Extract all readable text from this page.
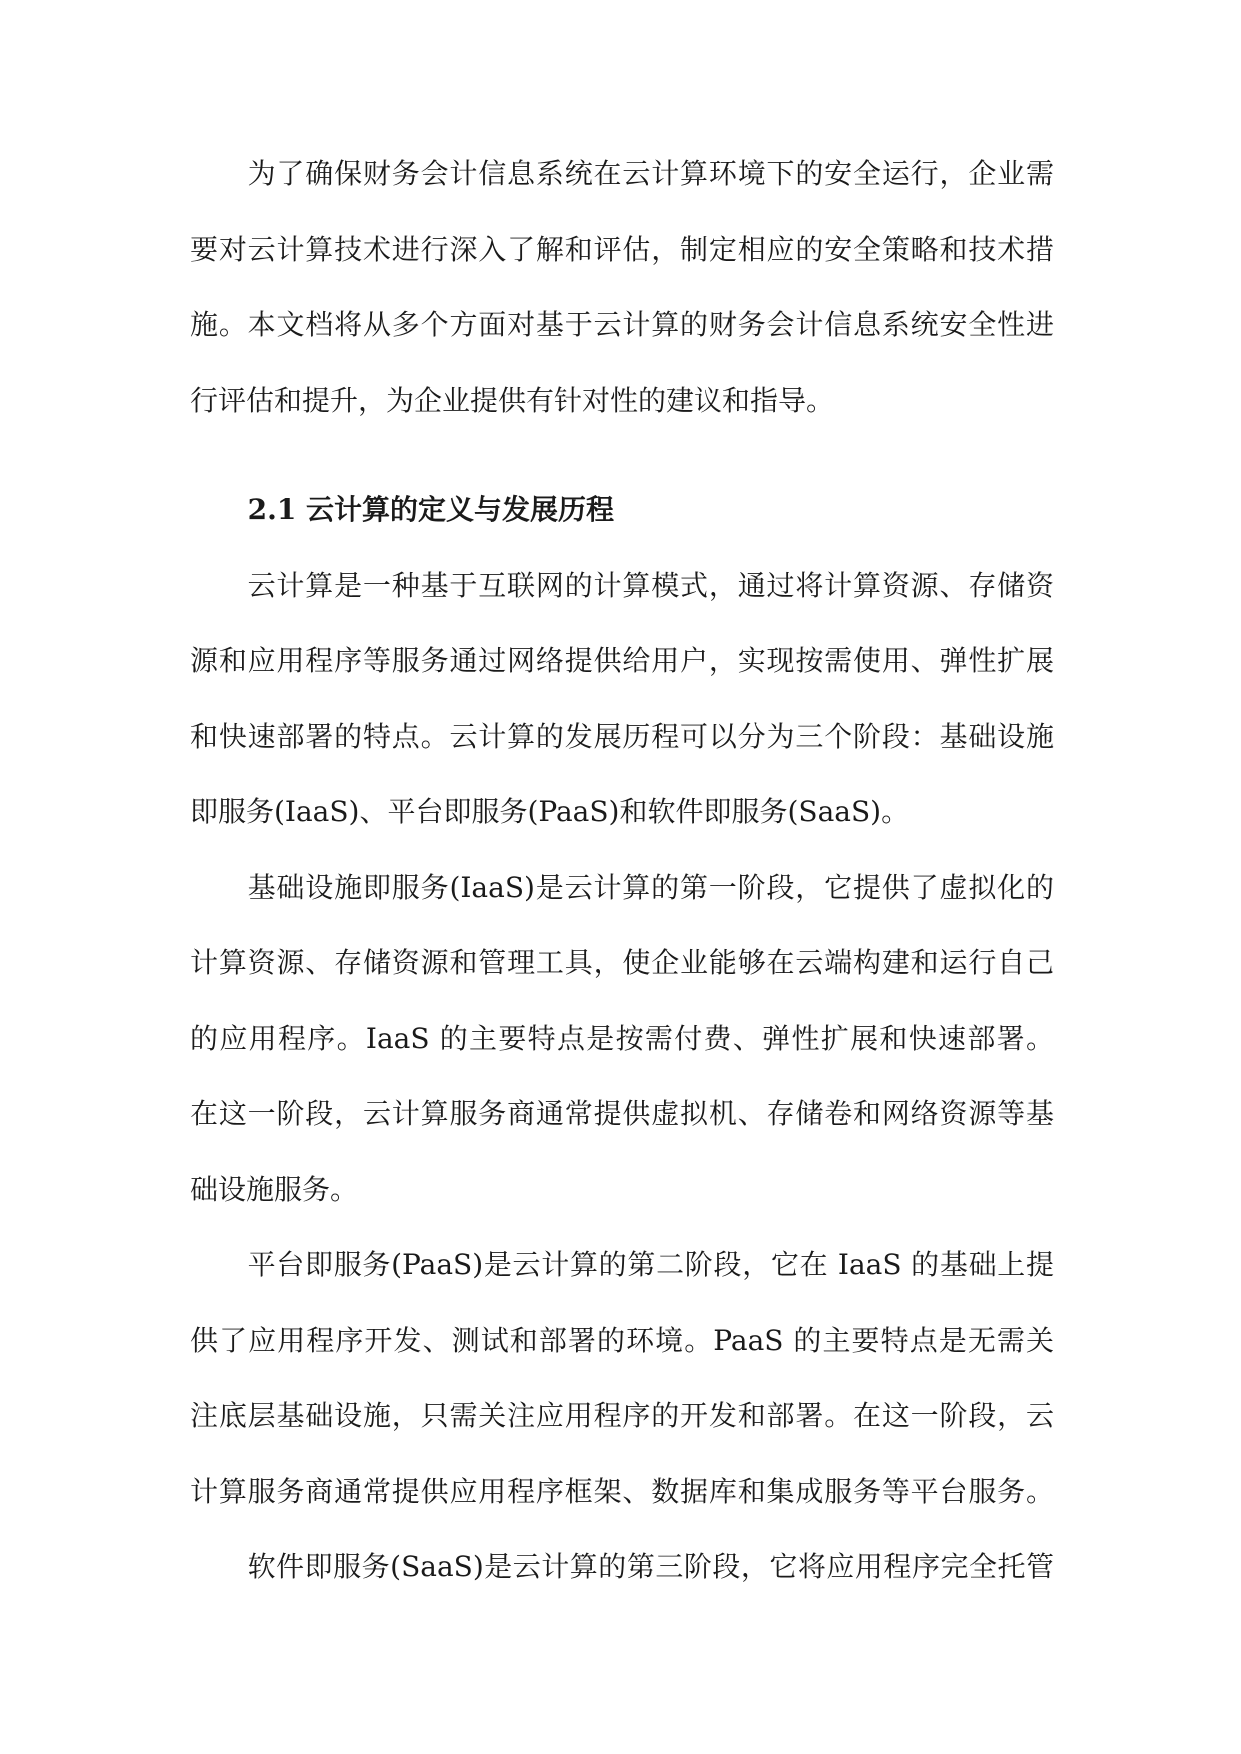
为了确保财务会计信息系统在云计算环境下的安全运行，企业需
要对云计算技术进行深入了解和评估，制定相应的安全策略和技术措
施。本文档将从多个方面对基于云计算的财务会计信息系统安全性进
行评估和提升，为企业提供有针对性的建议和指导。
2.1 云计算的定义与发展历程
云计算是一种基于互联网的计算模式，通过将计算资源、存储资
源和应用程序等服务通过网络提供给用户，实现按需使用、弹性扩展
和快速部署的特点。云计算的发展历程可以分为三个阶段：基础设施
即服务(IaaS)、平台即服务(PaaS)和软件即服务(SaaS)。
基础设施即服务(IaaS)是云计算的第一阶段，它提供了虚拟化的
计算资源、存储资源和管理工具，使企业能够在云端构建和运行自己
的应用程序。IaaS 的主要特点是按需付费、弹性扩展和快速部署。
在这一阶段，云计算服务商通常提供虚拟机、存储卷和网络资源等基
础设施服务。
平台即服务(PaaS)是云计算的第二阶段，它在 IaaS 的基础上提
供了应用程序开发、测试和部署的环境。PaaS 的主要特点是无需关
注底层基础设施，只需关注应用程序的开发和部署。在这一阶段，云
计算服务商通常提供应用程序框架、数据库和集成服务等平台服务。
软件即服务(SaaS)是云计算的第三阶段，它将应用程序完全托管
